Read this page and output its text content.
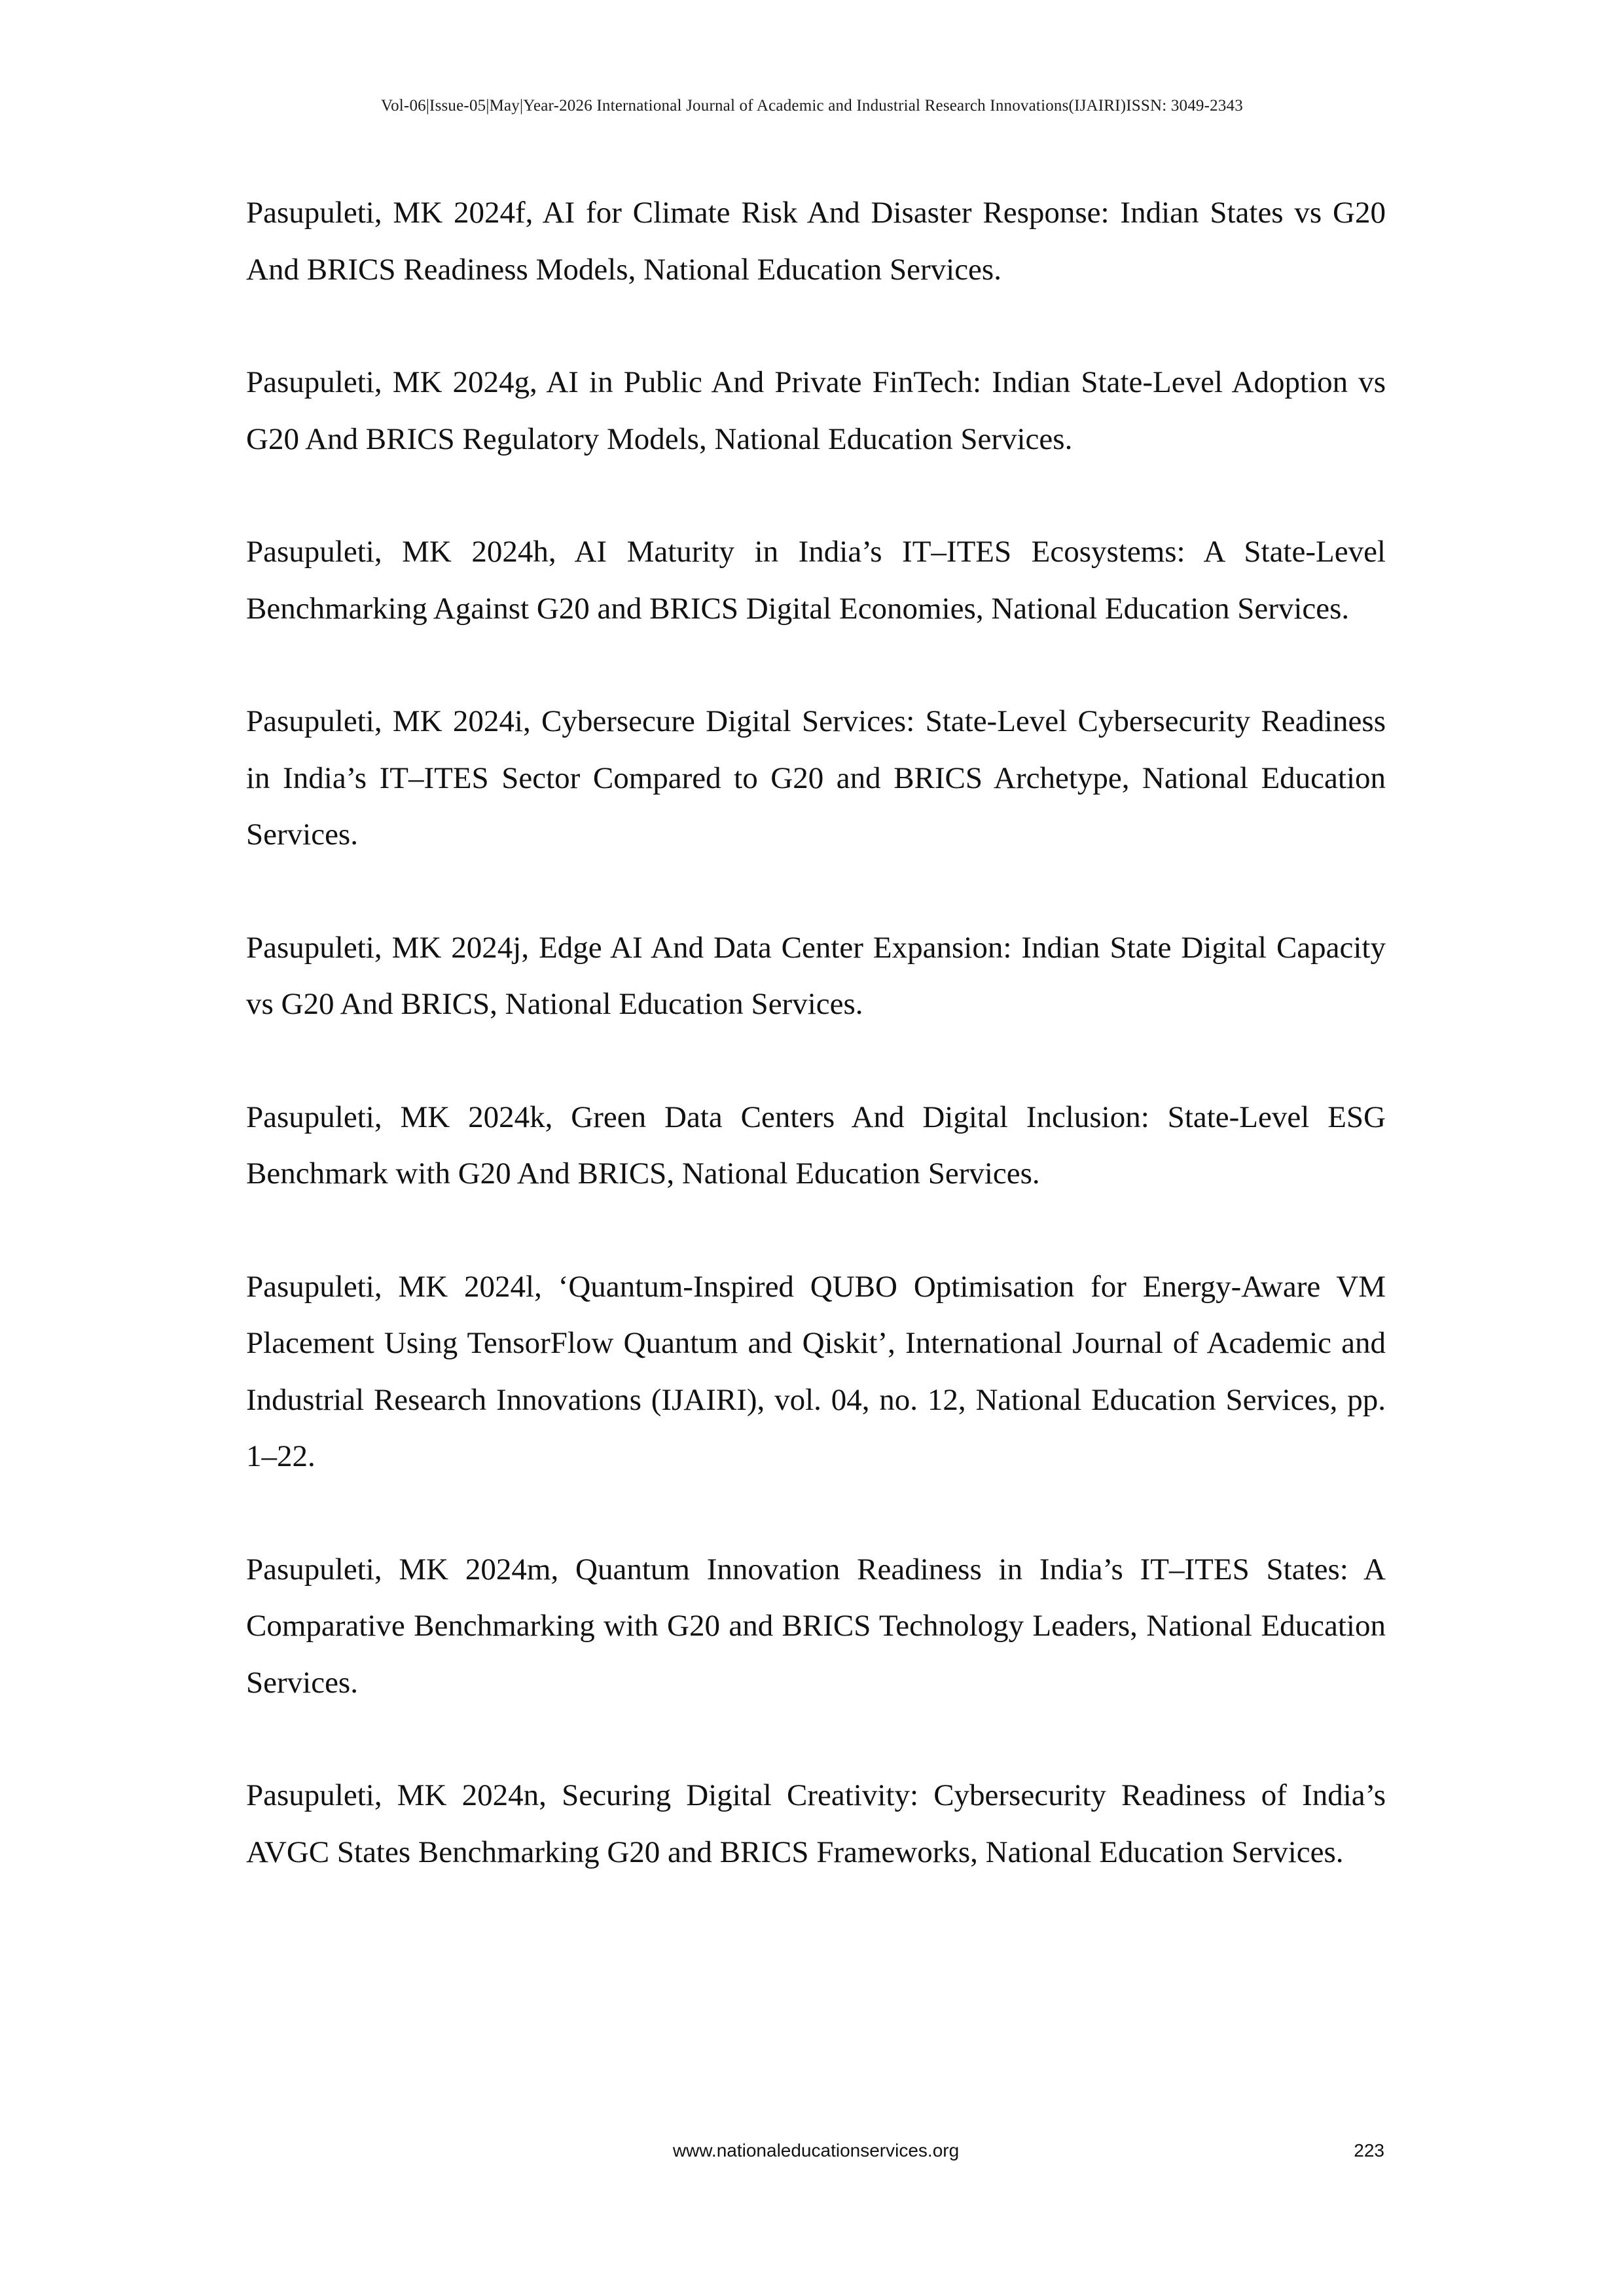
Vol-06|Issue-05|May|Year-2026 International Journal of Academic and Industrial Research Innovations(IJAIRI)ISSN: 3049-2343
Pasupuleti, MK 2024f, AI for Climate Risk And Disaster Response: Indian States vs G20 And BRICS Readiness Models, National Education Services.
Pasupuleti, MK 2024g, AI in Public And Private FinTech: Indian State-Level Adoption vs G20 And BRICS Regulatory Models, National Education Services.
Pasupuleti, MK 2024h, AI Maturity in India’s IT–ITES Ecosystems: A State-Level Benchmarking Against G20 and BRICS Digital Economies, National Education Services.
Pasupuleti, MK 2024i, Cybersecure Digital Services: State-Level Cybersecurity Readiness in India’s IT–ITES Sector Compared to G20 and BRICS Archetype, National Education Services.
Pasupuleti, MK 2024j, Edge AI And Data Center Expansion: Indian State Digital Capacity vs G20 And BRICS, National Education Services.
Pasupuleti, MK 2024k, Green Data Centers And Digital Inclusion: State-Level ESG Benchmark with G20 And BRICS, National Education Services.
Pasupuleti, MK 2024l, ‘Quantum-Inspired QUBO Optimisation for Energy-Aware VM Placement Using TensorFlow Quantum and Qiskit’, International Journal of Academic and Industrial Research Innovations (IJAIRI), vol. 04, no. 12, National Education Services, pp. 1–22.
Pasupuleti, MK 2024m, Quantum Innovation Readiness in India’s IT–ITES States: A Comparative Benchmarking with G20 and BRICS Technology Leaders, National Education Services.
Pasupuleti, MK 2024n, Securing Digital Creativity: Cybersecurity Readiness of India’s AVGC States Benchmarking G20 and BRICS Frameworks, National Education Services.
www.nationaleducationservices.org	223
